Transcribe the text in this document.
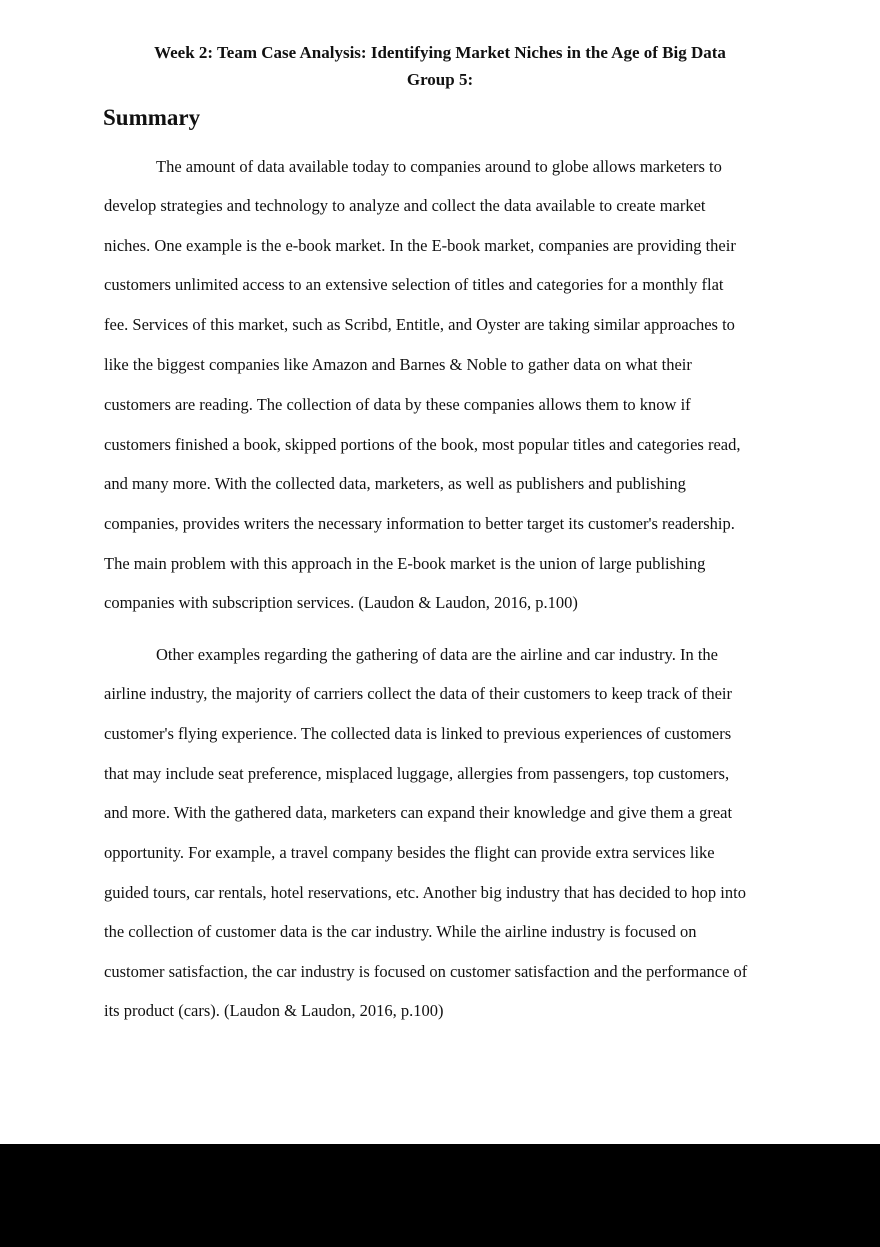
Week 2: Team Case Analysis: Identifying Market Niches in the Age of Big Data
Group 5:
Summary
The amount of data available today to companies around to globe allows marketers to
develop strategies and technology to analyze and collect the data available to create market
niches. One example is the e-book market. In the E-book market, companies are providing their
customers unlimited access to an extensive selection of titles and categories for a monthly flat
fee. Services of this market, such as Scribd, Entitle, and Oyster are taking similar approaches to
like the biggest companies like Amazon and Barnes & Noble to gather data on what their
customers are reading. The collection of data by these companies allows them to know if
customers finished a book, skipped portions of the book, most popular titles and categories read,
and many more. With the collected data, marketers, as well as publishers and publishing
companies, provides writers the necessary information to better target its customer's readership.
The main problem with this approach in the E-book market is the union of large publishing
companies with subscription services. (Laudon & Laudon, 2016, p.100)
Other examples regarding the gathering of data are the airline and car industry. In the
airline industry, the majority of carriers collect the data of their customers to keep track of their
customer's flying experience. The collected data is linked to previous experiences of customers
that may include seat preference, misplaced luggage, allergies from passengers, top customers,
and more. With the gathered data, marketers can expand their knowledge and give them a great
opportunity. For example, a travel company besides the flight can provide extra services like
guided tours, car rentals, hotel reservations, etc. Another big industry that has decided to hop into
the collection of customer data is the car industry. While the airline industry is focused on
customer satisfaction, the car industry is focused on customer satisfaction and the performance of
its product (cars). (Laudon & Laudon, 2016, p.100)
